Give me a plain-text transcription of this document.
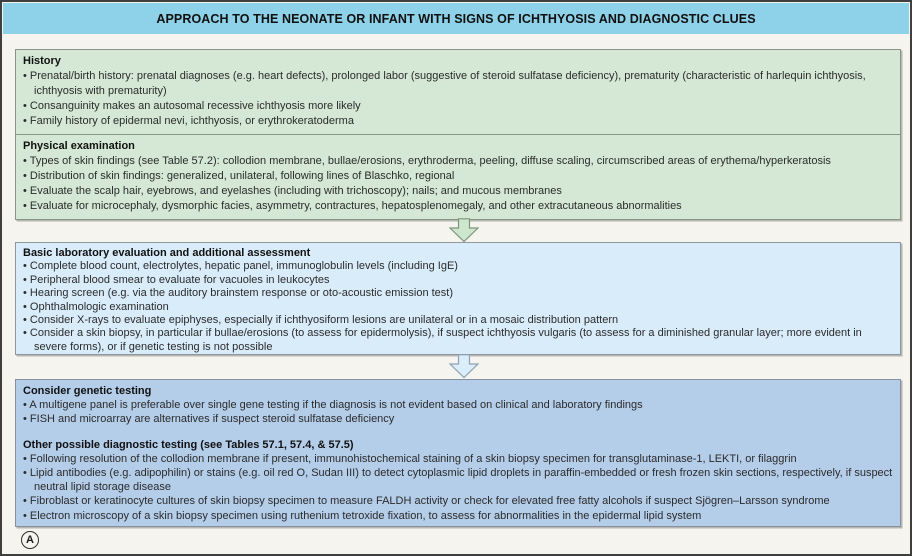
APPROACH TO THE NEONATE OR INFANT WITH SIGNS OF ICHTHYOSIS AND DIAGNOSTIC CLUES
History
• Prenatal/birth history: prenatal diagnoses (e.g. heart defects), prolonged labor (suggestive of steroid sulfatase deficiency), prematurity (characteristic of harlequin ichthyosis, ichthyosis with prematurity)
• Consanguinity makes an autosomal recessive ichthyosis more likely
• Family history of epidermal nevi, ichthyosis, or erythrokeratoderma
Physical examination
• Types of skin findings (see Table 57.2): collodion membrane, bullae/erosions, erythroderma, peeling, diffuse scaling, circumscribed areas of erythema/hyperkeratosis
• Distribution of skin findings: generalized, unilateral, following lines of Blaschko, regional
• Evaluate the scalp hair, eyebrows, and eyelashes (including with trichoscopy); nails; and mucous membranes
• Evaluate for microcephaly, dysmorphic facies, asymmetry, contractures, hepatosplenomegaly, and other extracutaneous abnormalities
Basic laboratory evaluation and additional assessment
• Complete blood count, electrolytes, hepatic panel, immunoglobulin levels (including IgE)
• Peripheral blood smear to evaluate for vacuoles in leukocytes
• Hearing screen (e.g. via the auditory brainstem response or oto-acoustic emission test)
• Ophthalmologic examination
• Consider X-rays to evaluate epiphyses, especially if ichthyosiform lesions are unilateral or in a mosaic distribution pattern
• Consider a skin biopsy, in particular if bullae/erosions (to assess for epidermolysis), if suspect ichthyosis vulgaris (to assess for a diminished granular layer; more evident in severe forms), or if genetic testing is not possible
Consider genetic testing
• A multigene panel is preferable over single gene testing if the diagnosis is not evident based on clinical and laboratory findings
• FISH and microarray are alternatives if suspect steroid sulfatase deficiency
Other possible diagnostic testing (see Tables 57.1, 57.4, & 57.5)
• Following resolution of the collodion membrane if present, immunohistochemical staining of a skin biopsy specimen for transglutaminase-1, LEKTI, or filaggrin
• Lipid antibodies (e.g. adipophilin) or stains (e.g. oil red O, Sudan III) to detect cytoplasmic lipid droplets in paraffin-embedded or fresh frozen skin sections, respectively, if suspect neutral lipid storage disease
• Fibroblast or keratinocyte cultures of skin biopsy specimen to measure FALDH activity or check for elevated free fatty alcohols if suspect Sjögren–Larsson syndrome
• Electron microscopy of a skin biopsy specimen using ruthenium tetroxide fixation, to assess for abnormalities in the epidermal lipid system
A
